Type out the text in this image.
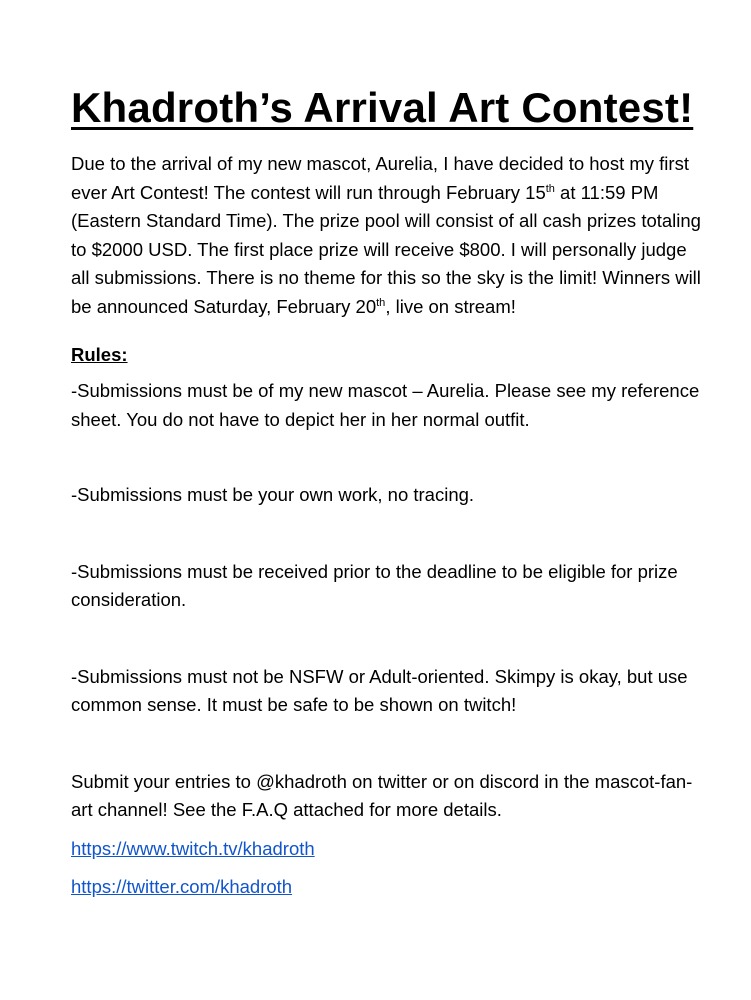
Khadroth’s Arrival Art Contest!

Due to the arrival of my new mascot, Aurelia, I have decided to host my first ever Art Contest! The contest will run through February 15th at 11:59 PM (Eastern Standard Time). The prize pool will consist of all cash prizes totaling to $2000 USD. The first place prize will receive $800. I will personally judge all submissions. There is no theme for this so the sky is the limit! Winners will be announced Saturday, February 20th, live on stream!

Rules:

-Submissions must be of my new mascot – Aurelia. Please see my reference sheet. You do not have to depict her in her normal outfit.

-Submissions must be your own work, no tracing.

-Submissions must be received prior to the deadline to be eligible for prize consideration.

-Submissions must not be NSFW or Adult-oriented. Skimpy is okay, but use common sense. It must be safe to be shown on twitch!

Submit your entries to @khadroth on twitter or on discord in the mascot-fan-art channel! See the F.A.Q attached for more details.

https://www.twitch.tv/khadroth
https://twitter.com/khadroth
